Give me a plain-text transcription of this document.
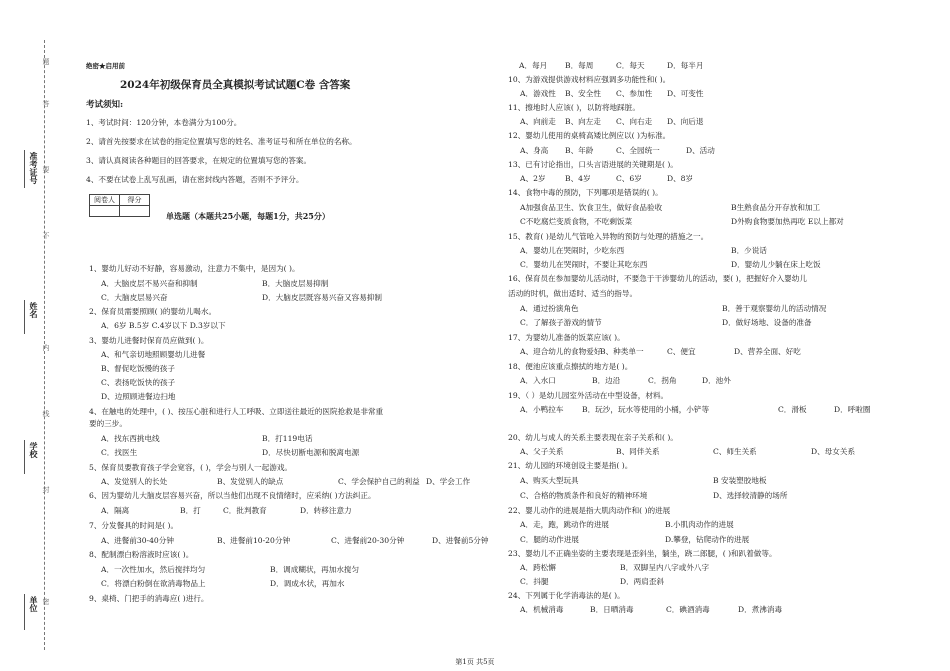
准考证号
姓名
学校
单位 密
封
线
内
不
要
答
题
绝密★启用前
2024年初级保育员全真模拟考试试题C卷 含答案
考试须知:
1、考试时间：120分钟，本卷满分为100分。
2、请首先按要求在试卷的指定位置填写您的姓名、准考证号和所在单位的名称。
3、请认真阅读各种题目的回答要求，在规定的位置填写您的答案。
4、不要在试卷上乱写乱画，请在密封线内答题，否则不予评分。
阅卷人	得分

单选题（本题共25小题，每题1分，共25分）
1、婴幼儿好动不好静，容易激动，注意力不集中，是因为( )。
A．大脑皮层不易兴奋和抑制	B．大脑皮层易抑制
C．大脑皮层易兴奋	D．大脑皮层既容易兴奋又容易抑制
2、保育员需要照顾( )的婴幼儿喝水。
A．6岁 B.5岁 C.4岁以下 D.3岁以下
3、婴幼儿进餐时保育员应做到( )。
A、和气亲切地照顾婴幼儿进餐
B、督促吃饭慢的孩子
C、表扬吃饭快的孩子
D、边照顾进餐边扫地
4、在触电的处理中，( )、按压心脏和进行人工呼吸、立即送往最近的医院抢救是非常重
要的三步。
A．找东西挑电线	B．打119电话
C．找医生	D．尽快切断电源和脱离电源
5、保育员要教育孩子学会宽容，( )，学会与别人一起游戏。
A、发觉别人的长处	B、发觉别人的缺点	C、学会保护自己的利益 D、学会工作
6、因为婴幼儿大脑皮层容易兴奋，所以当他们出现不良情绪时，应采纳( )方法纠正。
A．隔离	B．打	C．批判教育	D．转移注意力
7、分发餐具的时间是( )。
A、进餐前30-40分钟	B、进餐前10-20分钟	C、进餐前20-30分钟	D、进餐前5分钟
8、配制漂白粉溶液时应该( )。
A．一次性加水，然后搅拌均匀	B．调成糊状，再加水搅匀
C．将漂白粉倒在欲消毒物品上	D．调成水状，再加水
9、桌椅、门把手的消毒应( )进行。
A．每月 B．每周	C．每天	D．每半月
10、为游戏提供游戏材料应强调多功能性和( )。
A．游戏性 B、安全性 C、参加性 D、可变性
11、擦地时人应该( )，以防将地踩脏。
A、向前走 B、向左走 C、向右走 D、向后退
12、婴幼儿使用的桌椅高矮比例应以( )为标准。
A、身高 B、年龄	C、全园统一	D、活动
13、已有讨论指出，口头言语进展的关键期是( )。
A、2岁	B、4岁	C、6岁	D、8岁
14、食物中毒的预防，下列哪项是错误的( )。
A加强食品卫生、饮食卫生，做好食品验收	B生熟食品分开存放和加工
C不吃腐烂变质食物，不吃剩饭菜	D外购食物要加热再吃 E以上都对
15、教育( )是幼儿气管呛入异物的预防与处理的措施之一。
A．婴幼儿在哭闹时，少吃东西	B．少说话
C．婴幼儿在哭闹时，不要让其吃东西	D．婴幼儿少躺在床上吃饭
16、保育员在参加婴幼儿活动时，不要急于干涉婴幼儿的活动，要( )，把握好介入婴幼儿
活动的时机，做出适时、适当的指导。
A．通过扮演角色	B．善于观察婴幼儿的活动情况
C．了解孩子游戏的情节	D．做好场地、设备的准备
17、为婴幼儿准备的饭菜应该( )。
A、迎合幼儿的食物爱好
B、种类单一	C、便宜	D、营养全面、好吃
18、便池应该重点擦拭的地方是( )。
A．入水口	B．边沿	C．拐角	D．池外
19、（ ）是幼儿园室外活动在中型设备，材料。
A．小鸭拉车 B．玩沙，玩水等使用的小桶，小铲等	C．滑板	D．呼啦圈
20、幼儿与成人的关系主要表现在亲子关系和( )。
A、父子关系	B、同伴关系	C、师生关系	D、母女关系
21、幼儿园的环境创设主要是指( )。
A、购买大型玩具	B 安装塑胶地板
C、合格的物质条件和良好的精神环境	D、选择较清静的场所
22、婴儿动作的进展是指大肌肉动作和( )的进展
A．走，跑，跳动作的进展	B.小肌肉动作的进展
C．腿的动作进展	D.攀登，钻爬动作的进展
23、婴幼儿不正确坐姿的主要表现是歪斜坐，躺坐，跷二郎腿，( )和趴着做等。
A．跨松懈	B．双脚呈内八字或外八字
C．抖腿	D．两肩歪斜
24、下列属于化学消毒法的是( )。
A．机械消毒	B．日晒消毒	C．碘酒消毒	D．煮沸消毒
第1页 共5页
